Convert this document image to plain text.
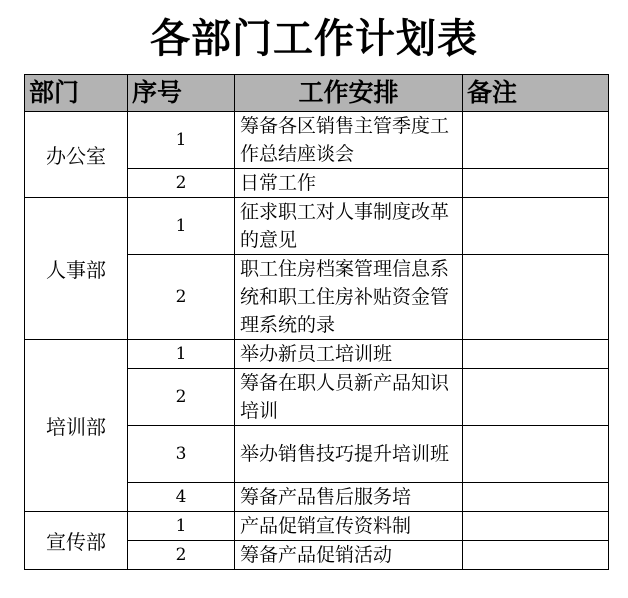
各部门工作计划表
部门	序号	工作安排	备注
办公室	1	筹备各区销售主管季度工作总结座谈会	
	2	日常工作	
人事部	1	征求职工对人事制度改革的意见	
	2	职工住房档案管理信息系统和职工住房补贴资金管理系统的录	
培训部	1	举办新员工培训班	
	2	筹备在职人员新产品知识培训	
	3	举办销售技巧提升培训班	
	4	筹备产品售后服务培	
宣传部	1	产品促销宣传资料制	
	2	筹备产品促销活动	
